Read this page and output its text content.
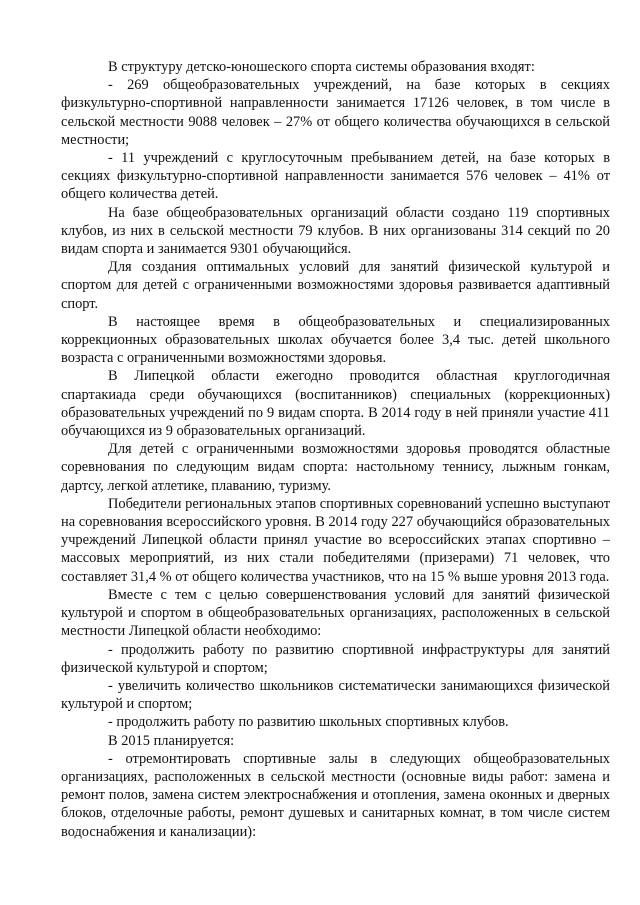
В структуру детско-юношеского спорта системы образования входят:

- 269 общеобразовательных учреждений, на базе которых в секциях физкультурно-спортивной направленности занимается 17126 человек, в том числе в сельской местности 9088 человек – 27% от общего количества обучающихся в сельской местности;

- 11 учреждений с круглосуточным пребыванием детей, на базе которых в секциях физкультурно-спортивной направленности занимается 576 человек – 41% от общего количества детей.

На базе общеобразовательных организаций области создано 119 спортивных клубов, из них в сельской местности 79 клубов. В них организованы 314 секций по 20 видам спорта и занимается 9301 обучающийся.

Для создания оптимальных условий для занятий физической культурой и спортом для детей с ограниченными возможностями здоровья развивается адаптивный спорт.

В настоящее время в общеобразовательных и специализированных коррекционных образовательных школах обучается более 3,4 тыс. детей школьного возраста с ограниченными возможностями здоровья.

В Липецкой области ежегодно проводится областная круглогодичная спартакиада среди обучающихся (воспитанников) специальных (коррекционных) образовательных учреждений по 9 видам спорта. В 2014 году в ней приняли участие 411 обучающихся из 9 образовательных организаций.

Для детей с ограниченными возможностями здоровья проводятся областные соревнования по следующим видам спорта: настольному теннису, лыжным гонкам, дартсу, легкой атлетике, плаванию, туризму.

Победители региональных этапов спортивных соревнований успешно выступают на соревнования всероссийского уровня. В 2014 году 227 обучающийся образовательных учреждений Липецкой области принял участие во всероссийских этапах спортивно – массовых мероприятий, из них стали победителями (призерами) 71 человек, что составляет 31,4 % от общего количества участников, что на 15 % выше уровня 2013 года.

Вместе с тем с целью совершенствования условий для занятий физической культурой и спортом в общеобразовательных организациях, расположенных в сельской местности Липецкой области необходимо:

- продолжить работу по развитию спортивной инфраструктуры для занятий физической культурой и спортом;

- увеличить количество школьников систематически занимающихся физической культурой и спортом;

- продолжить работу по развитию школьных спортивных клубов.

В 2015 планируется:

- отремонтировать спортивные залы в следующих общеобразовательных организациях, расположенных в сельской местности (основные виды работ: замена и ремонт полов, замена систем электроснабжения и отопления, замена оконных и дверных блоков, отделочные работы, ремонт душевых и санитарных комнат, в том числе систем водоснабжения и канализации):
